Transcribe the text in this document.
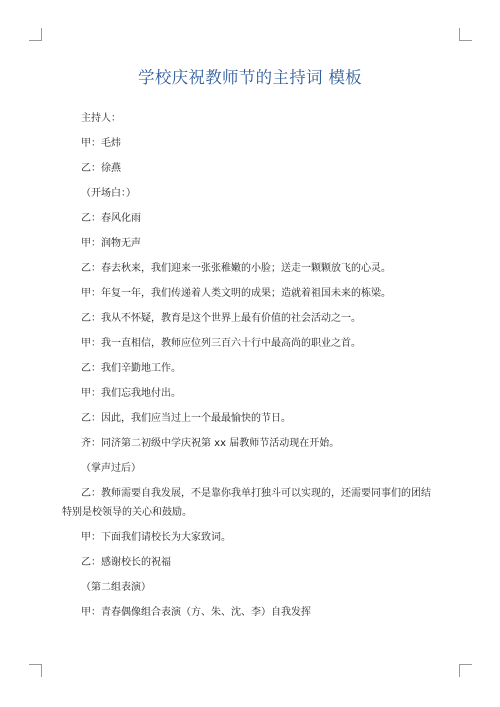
学校庆祝教师节的主持词 模板
主持人：
甲：毛炜
乙：徐燕
（开场白：）
乙：春风化雨
甲：润物无声
乙：春去秋来，我们迎来一张张稚嫩的小脸；送走一颗颗放飞的心灵。
甲：年复一年，我们传递着人类文明的成果；造就着祖国未来的栋梁。
乙：我从不怀疑，教育是这个世界上最有价值的社会活动之一。
甲：我一直相信，教师应位列三百六十行中最高尚的职业之首。
乙：我们辛勤地工作。
甲：我们忘我地付出。
乙：因此，我们应当过上一个最最愉快的节日。
齐：同济第二初级中学庆祝第 xx 届教师节活动现在开始。
（掌声过后）
乙：教师需要自我发展，不是靠你我单打独斗可以实现的，还需要同事们的团结
特别是校领导的关心和鼓励。
甲：下面我们请校长为大家致词。
乙：感谢校长的祝福
（第二组表演）
甲：青春偶像组合表演（方、朱、沈、李）自我发挥
